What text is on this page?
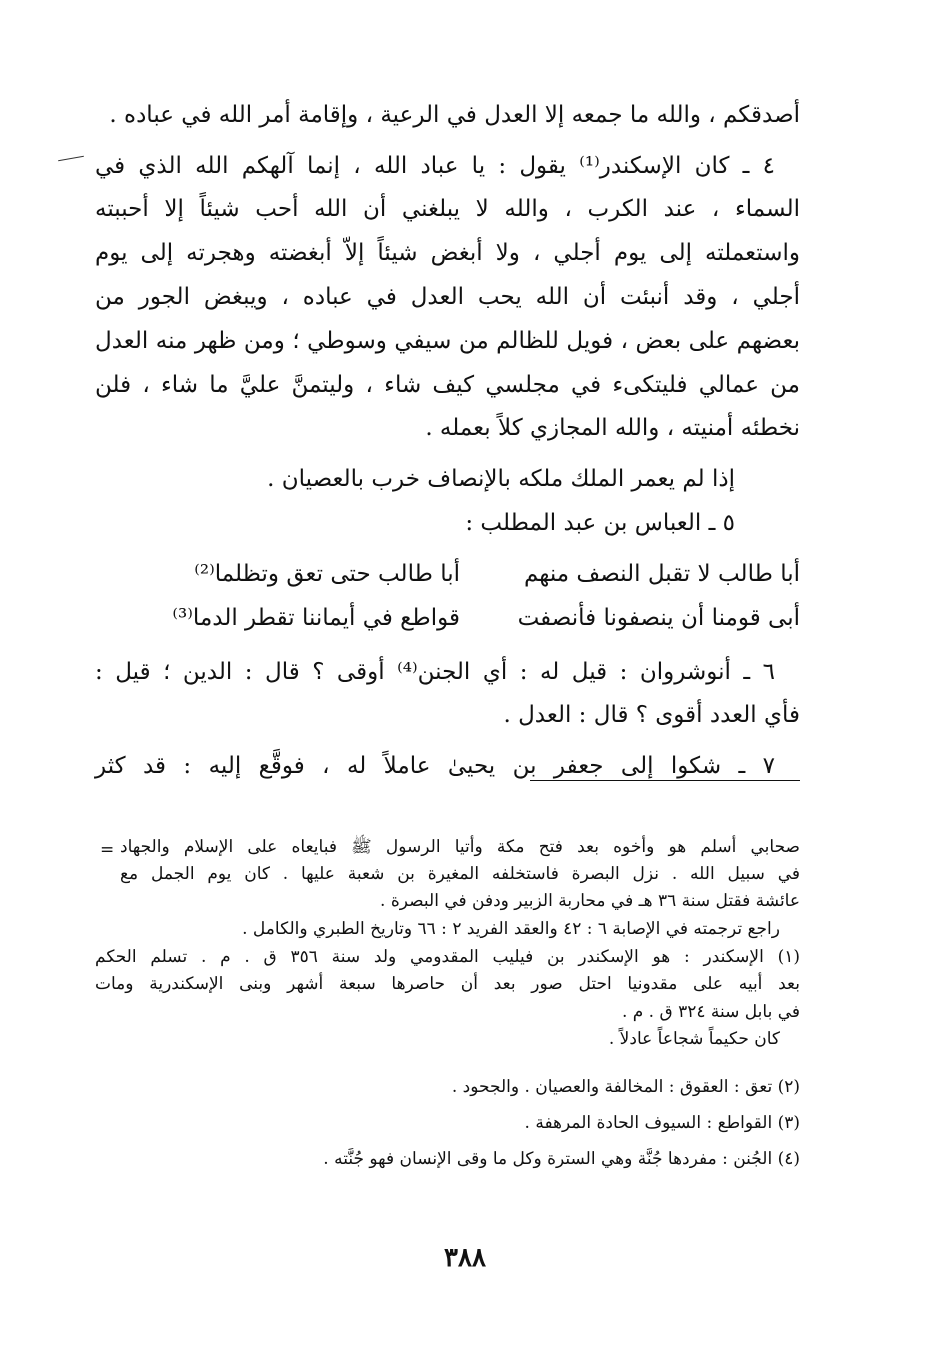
أصدقكم ، والله ما جمعه إلا العدل في الرعية ، وإقامة أمر الله في عباده .
٤ ـ كان الإسكندر⁽¹⁾ يقول : يا عباد الله ، إنما آلهكم الله الذي في
السماء ، عند الكرب ، والله لا يبلغني أن الله أحب شيئاً إلا أحببته
واستعملته إلى يوم أجلي ، ولا أبغض شيئاً إلاّ أبغضته وهجرته إلى يوم
أجلي ، وقد أنبئت أن الله يحب العدل في عباده ، ويبغض الجور من
بعضهم على بعض ، فويل للظالم من سيفي وسوطي ؛ ومن ظهر منه العدل
من عمالي فليتكىء في مجلسي كيف شاء ، وليتمنَّ عليَّ ما شاء ، فلن
نخطئه أمنيته ، والله المجازي كلاً بعمله .
إذا لم يعمر الملك ملكه بالإنصاف خرب بالعصيان .
٥ ـ العباس بن عبد المطلب :
أبا طالب لا تقبل النصف منهم
أبا طالب حتى تعق وتظلما⁽²⁾
أبى قومنا أن ينصفونا فأنصفت
قواطع في أيماننا تقطر الدما⁽³⁾
٦ ـ أنوشروان : قيل له : أي الجنن⁽⁴⁾ أوقى ؟ قال : الدين ؛ قيل :
فأي العدد أقوى ؟ قال : العدل .
٧ ـ شكوا إلى جعفر بن يحيىٰ عاملاً له ، فوقَّع إليه : قد كثر
= صحابي أسلم هو وأخوه بعد فتح مكة وأتيا الرسول ﷺ فبايعاه على الإسلام والجهاد
في سبيل الله . نزل البصرة فاستخلفه المغيرة بن شعبة عليها . كان يوم الجمل مع
عائشة فقتل سنة ٣٦ هـ في محاربة الزبير ودفن في البصرة .
راجع ترجمته في الإصابة ٦ : ٤٢ والعقد الفريد ٢ : ٦٦ وتاريخ الطبري والكامل .
(١) الإسكندر : هو الإسكندر بن فيليب المقدومي ولد سنة ٣٥٦ ق . م . تسلم الحكم
بعد أبيه على مقدونيا احتل صور بعد أن حاصرها سبعة أشهر وبنى الإسكندرية ومات
في بابل سنة ٣٢٤ ق . م .
كان حكيماً شجاعاً عادلاً .
(٢) تعق : العقوق : المخالفة والعصيان . والجحود .
(٣) القواطع : السيوف الحادة المرهفة .
(٤) الجُنن : مفردها جُنَّة وهي السترة وكل ما وقى الإنسان فهو جُنَّته .
٣٨٨
